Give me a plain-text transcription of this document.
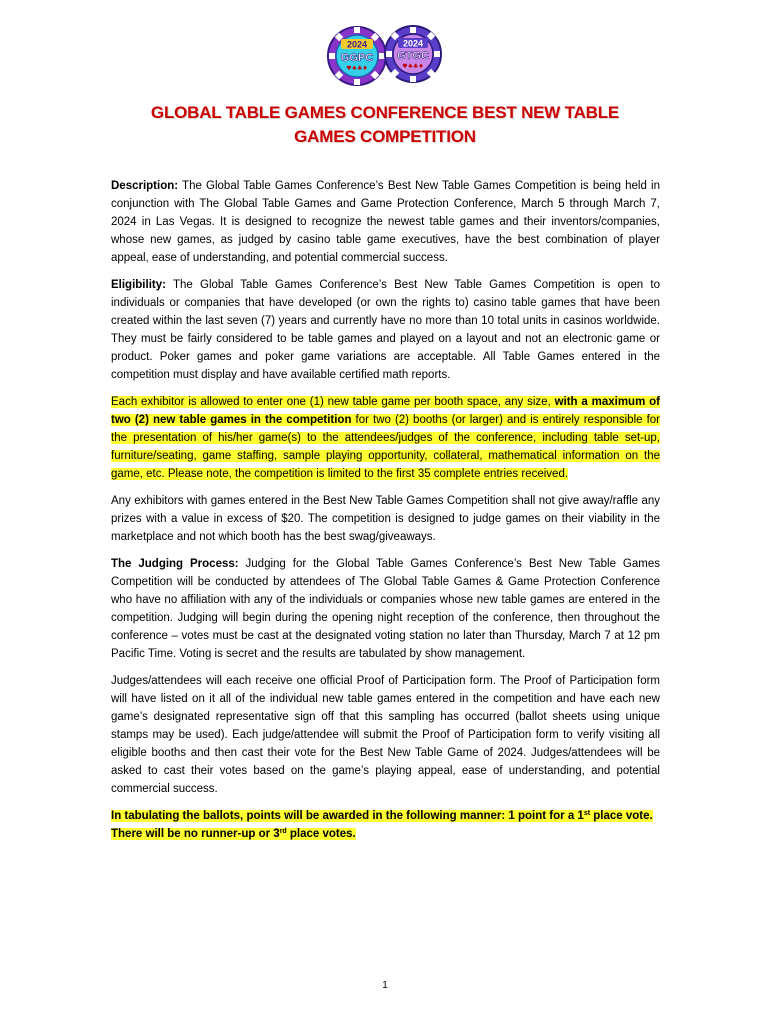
2024
GGPC
♥♠♣♦
2024
GTGC
♥♠♣♦
GLOBAL TABLE GAMES CONFERENCE BEST NEW TABLE
GAMES COMPETITION

Description: The Global Table Games Conference’s Best New Table Games Competition is being held in conjunction with The Global Table Games and Game Protection Conference, March 5 through March 7, 2024 in Las Vegas. It is designed to recognize the newest table games and their inventors/companies, whose new games, as judged by casino table game executives, have the best combination of player appeal, ease of understanding, and potential commercial success.

Eligibility: The Global Table Games Conference’s Best New Table Games Competition is open to individuals or companies that have developed (or own the rights to) casino table games that have been created within the last seven (7) years and currently have no more than 10 total units in casinos worldwide. They must be fairly considered to be table games and played on a layout and not an electronic game or product. Poker games and poker game variations are acceptable. All Table Games entered in the competition must display and have available certified math reports.

Each exhibitor is allowed to enter one (1) new table game per booth space, any size, with a maximum of two (2) new table games in the competition for two (2) booths (or larger) and is entirely responsible for the presentation of his/her game(s) to the attendees/judges of the conference, including table set-up, furniture/seating, game staffing, sample playing opportunity, collateral, mathematical information on the game, etc. Please note, the competition is limited to the first 35 complete entries received.

Any exhibitors with games entered in the Best New Table Games Competition shall not give away/raffle any prizes with a value in excess of $20. The competition is designed to judge games on their viability in the marketplace and not which booth has the best swag/giveaways.

The Judging Process: Judging for the Global Table Games Conference’s Best New Table Games Competition will be conducted by attendees of The Global Table Games & Game Protection Conference who have no affiliation with any of the individuals or companies whose new table games are entered in the competition. Judging will begin during the opening night reception of the conference, then throughout the conference – votes must be cast at the designated voting station no later than Thursday, March 7 at 12 pm Pacific Time. Voting is secret and the results are tabulated by show management.

Judges/attendees will each receive one official Proof of Participation form. The Proof of Participation form will have listed on it all of the individual new table games entered in the competition and have each new game’s designated representative sign off that this sampling has occurred (ballot sheets using unique stamps may be used). Each judge/attendee will submit the Proof of Participation form to verify visiting all eligible booths and then cast their vote for the Best New Table Game of 2024. Judges/attendees will be asked to cast their votes based on the game’s playing appeal, ease of understanding, and potential commercial success.

In tabulating the ballots, points will be awarded in the following manner: 1 point for a 1st place vote. There will be no runner-up or 3rd place votes.

1
